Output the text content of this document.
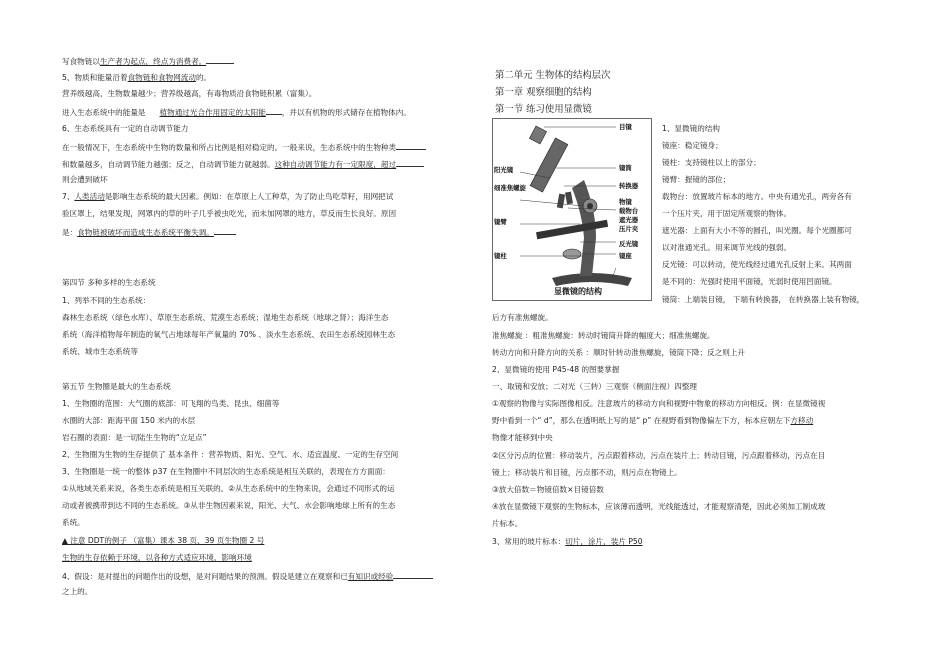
写食物链以生产者为起点，终点为消费者。
5、物质和能量沿着食物链和食物网流动的。
营养级越高，生物数量越少；营养级越高，有毒物质沿食物链积累（富集）。
进入生态系统中的能量是 植物通过光合作用固定的太阳能 ，并以有机物的形式储存在植物体内。
6、生态系统具有一定的自动调节能力
在一般情况下，生态系统中生物的数量和所占比例是相对稳定的。一般来说，生态系统中的生物种类
和数量越多，自动调节能力越强；反之，自动调节能力就越弱。这种自动调节能力有一定限度，超过
则会遭到破坏
7、人类活动是影响生态系统的最大因素。例如：在草原上人工种草，为了防止鸟吃草籽，用网把试
验区罩上，结果发现，网罩内的草的叶子几乎被虫吃光，而未加网罩的地方，草反而生长良好。原因
是：食物链被破坏而造成生态系统平衡失调。
第四节 多种多样的生态系统
1、列举不同的生态系统：
森林生态系统（绿色水库）、草原生态系统、荒漠生态系统；湿地生态系统（地球之肾）；海洋生态
系统（海洋植物每年制造的氧气占地球每年产氧量的 70% 、淡水生态系统、农田生态系统园林生态
系统、城市生态系统等
第五节 生物圈是最大的生态系统
1、生物圈的范围：大气圈的底部：可飞翔的鸟类、昆虫、细菌等
水圈的大部：距海平面 150 米内的水层
岩石圈的表面：是一切陆生生物的“立足点”
2、生物圈为生物的生存提供了 基本条件 ：营养物质、阳光、空气、水、适宜温度、一定的生存空间
3、生物圈是一统一的整体 p37 在生物圈中不同层次的生态系统是相互关联的，表现在方方面面：
①从地域关系来说，各类生态系统是相互关联的。②从生态系统中的生物来说，会通过不同形式的运
动或者被携带到达不同的生态系统。③从非生物因素来说，阳光、大气、水会影响地球上所有的生态
系统。
▲ 注意 DDT的例子 （富集）课本 38 页、39 页生物圈 2 号
生物的生存依赖于环境，以各种方式适应环境，影响环境
4、假设：是对提出的问题作出的设想，是对问题结果的预测。假设是建立在观察和已有知识或经验
之上的。
第二单元 生物体的结构层次
第一章 观察细胞的结构
第一节 练习使用显微镜
阳光镜
细准焦螺旋
镜臂
镜柱
目镜
镜筒
转换器
物镜
载物台
遮光器
压片夹
反光镜
镜座
显微镜的结构
1、显微镜的结构
镜座：稳定镜身；
镜柱：支持镜柱以上的部分；
镜臂：握镜的部位；
载物台：放置玻片标本的地方。中央有通光孔，两旁各有
一个压片夹，用于固定所观察的物体。
遮光器：上面有大小不等的圆孔，叫光圈。每个光圈都可
以对准通光孔。用来调节光线的强弱。
反光镜：可以转动，使光线经过通光孔反射上来。其两面
是不同的：光强时使用平面镜，光弱时使用凹面镜。
镜筒：上端装目镜， 下端有转换器， 在转换器上装有物镜，
后方有准焦螺旋。
准焦螺旋 ：粗准焦螺旋：转动时镜筒升降的幅度大；细准焦螺旋。
转动方向和升降方向的关系 ：顺时针转动准焦螺旋，镜筒下降；反之则上升
2、显微镜的使用 P45-48 的图要掌握
一、取镜和安放；二对光（三转）三观察（侧面注视）四整理
①观察的物像与实际图像相反。注意玻片的移动方向和视野中物象的移动方向相反。例：在显微镜视
野中看到一个“ d”，那么在透明纸上写的是“ p” 在视野看到物像偏左下方，标本应朝左下方移动
物像才能移到中央
②区分污点的位置：移动装片，污点跟着移动，污点在装片上；转动目镜，污点跟着移动，污点在目
镜上；移动装片和目镜，污点都不动，则污点在物镜上。
③放大倍数＝物镜倍数×目镜倍数
④放在显微镜下观察的生物标本，应该薄而透明，光线能透过，才能观察清楚，因此必须加工制成玻
片标本。
3、常用的玻片标本：切片，涂片，装片 P50
